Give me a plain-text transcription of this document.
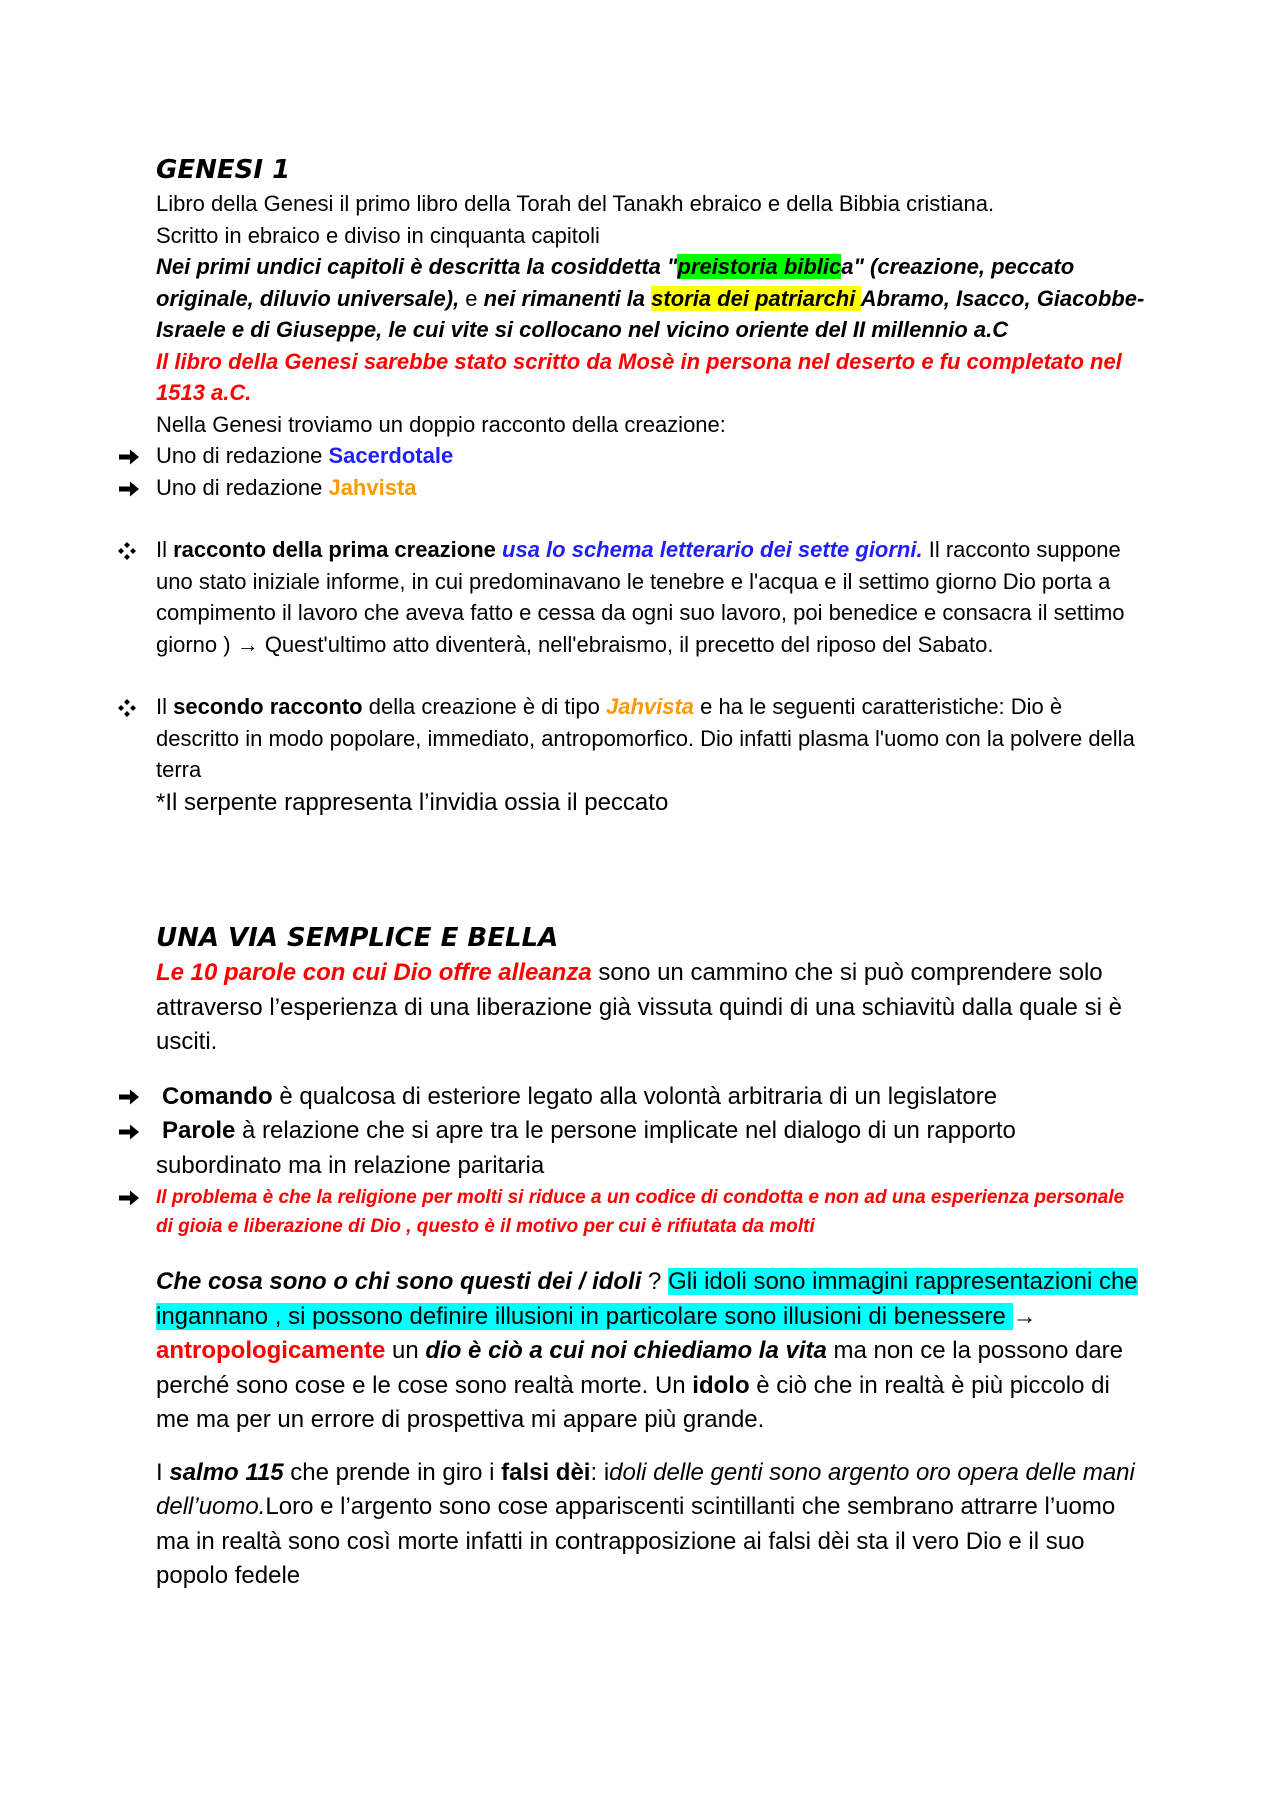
GENESI 1

Libro della Genesi il primo libro della Torah del Tanakh ebraico e della Bibbia cristiana.

Scritto in ebraico e diviso in cinquanta capitoli

Nei primi undici capitoli è descritta la cosiddetta "preistoria biblica" (creazione, peccato originale, diluvio universale), e nei rimanenti la storia dei patriarchi Abramo, Isacco, Giacobbe-Israele e di Giuseppe, le cui vite si collocano nel vicino oriente del II millennio a.C

Il libro della Genesi sarebbe stato scritto da Mosè in persona nel deserto e fu completato nel 1513 a.C.

Nella Genesi troviamo un doppio racconto della creazione:

Uno di redazione Sacerdotale
Uno di redazione Jahvista
Il racconto della prima creazione usa lo schema letterario dei sette giorni. Il racconto suppone uno stato iniziale informe, in cui predominavano le tenebre e l'acqua e il settimo giorno Dio porta a compimento il lavoro che aveva fatto e cessa da ogni suo lavoro, poi benedice e consacra il settimo giorno ) → Quest'ultimo atto diventerà, nell'ebraismo, il precetto del riposo del Sabato.
Il secondo racconto della creazione è di tipo Jahvista e ha le seguenti caratteristiche: Dio è descritto in modo popolare, immediato, antropomorfico. Dio infatti plasma l'uomo con la polvere della terra

*Il serpente rappresenta l’invidia ossia il peccato

UNA VIA SEMPLICE E BELLA

Le 10 parole con cui Dio offre alleanza sono un cammino che si può comprendere solo attraverso l’esperienza di una liberazione già vissuta quindi di una schiavitù dalla quale si è usciti.

Comando è qualcosa di esteriore legato alla volontà arbitraria di un legislatore
Parole à relazione che si apre tra le persone implicate nel dialogo di un rapporto subordinato ma in relazione paritaria
Il problema è che la religione per molti si riduce a un codice di condotta e non ad una esperienza personale di gioia e liberazione di Dio , questo è il motivo per cui è rifiutata da molti

Che cosa sono o chi sono questi dei / idoli ? Gli idoli sono immagini rappresentazioni che ingannano , si possono definire illusioni in particolare sono illusioni di benessere → antropologicamente un dio è ciò a cui noi chiediamo la vita ma non ce la possono dare perché sono cose e le cose sono realtà morte. Un idolo è ciò che in realtà è più piccolo di me ma per un errore di prospettiva mi appare più grande.

I salmo 115 che prende in giro i falsi dèi: idoli delle genti sono argento oro opera delle mani dell’uomo.Loro e l’argento sono cose appariscenti scintillanti che sembrano attrarre l’uomo ma in realtà sono così morte infatti in contrapposizione ai falsi dèi sta il vero Dio e il suo popolo fedele
